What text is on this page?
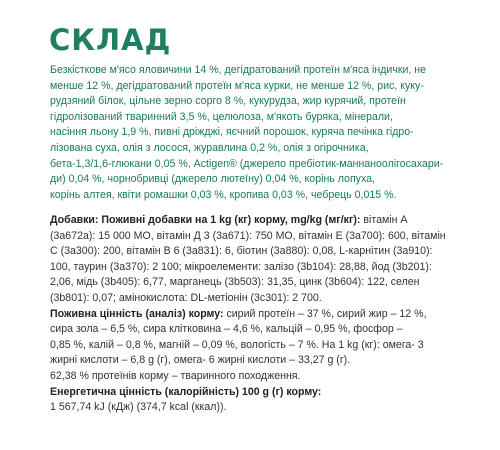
СКЛАД
Безкісткове м'ясо яловичини 14 %, дегідратований протеїн м'яса індички, не
менше 12 %, дегідратований протеїн м'яса курки, не менше 12 %, рис, куку-
рудзяний білок, цільне зерно сорго 8 %, кукурудза, жир курячий, протеїн
гідролізований тваринний 3,5 %, целюлоза, м'якоть буряка, мінерали,
насіння льону 1,9 %, пивні дріжджі, яєчний порошок, куряча печінка гідро-
лізована суха, олія з лосося, журавлина 0,2 %, олія з огірочника,
бета-1,3/1,6-глюкани 0,05 %, Actigen® (джерело пребіотик-маннаноолігосахари-
ди) 0,04 %, чорнобривці (джерело лютеїну) 0,04 %, корінь лопуха,
корінь алтея, квіти ромашки 0,03 %, кропива 0,03 %, чебрець 0,015 %.
Добавки: Поживні добавки на 1 kg (кг) корму, mg/kg (мг/кг): вітамін А
(3а672а): 15 000 МО, вітамін Д 3 (3а671): 750 МО, вітамін Е (3а700): 600, вітамін
С (3а300): 200, вітамін В 6 (3а831): 6, біотин (3а880): 0,08, L-карнітин (3а910):
100, таурин (3а370): 2 100; мікроелементи: залізо (3b104): 28,88, йод (3b201):
2,06, мідь (3b405): 6,77, марганець (3b503): 31,35, цинк (3b604): 122, селен
(3b801): 0,07; амінокислота: DL-метіонін (3c301): 2 700.
Поживна цінність (аналіз) корму: сирий протеїн – 37 %, сирий жир – 12 %,
сира зола – 6,5 %, сира клітковина – 4,6 %, кальцій – 0,95 %, фосфор –
0,85 %, калій – 0,8 %, магній – 0,09 %, вологість – 7 %. На 1 kg (кг): омега- 3
жирні кислоти – 6,8 g (г), омега- 6 жирні кислоти – 33,27 g (г).
62,38 % протеїнів корму – тваринного походження.
Енергетична цінність (калорійність) 100 g (г) корму:
1 567,74 kJ (кДж) (374,7 kcal (ккал)).
